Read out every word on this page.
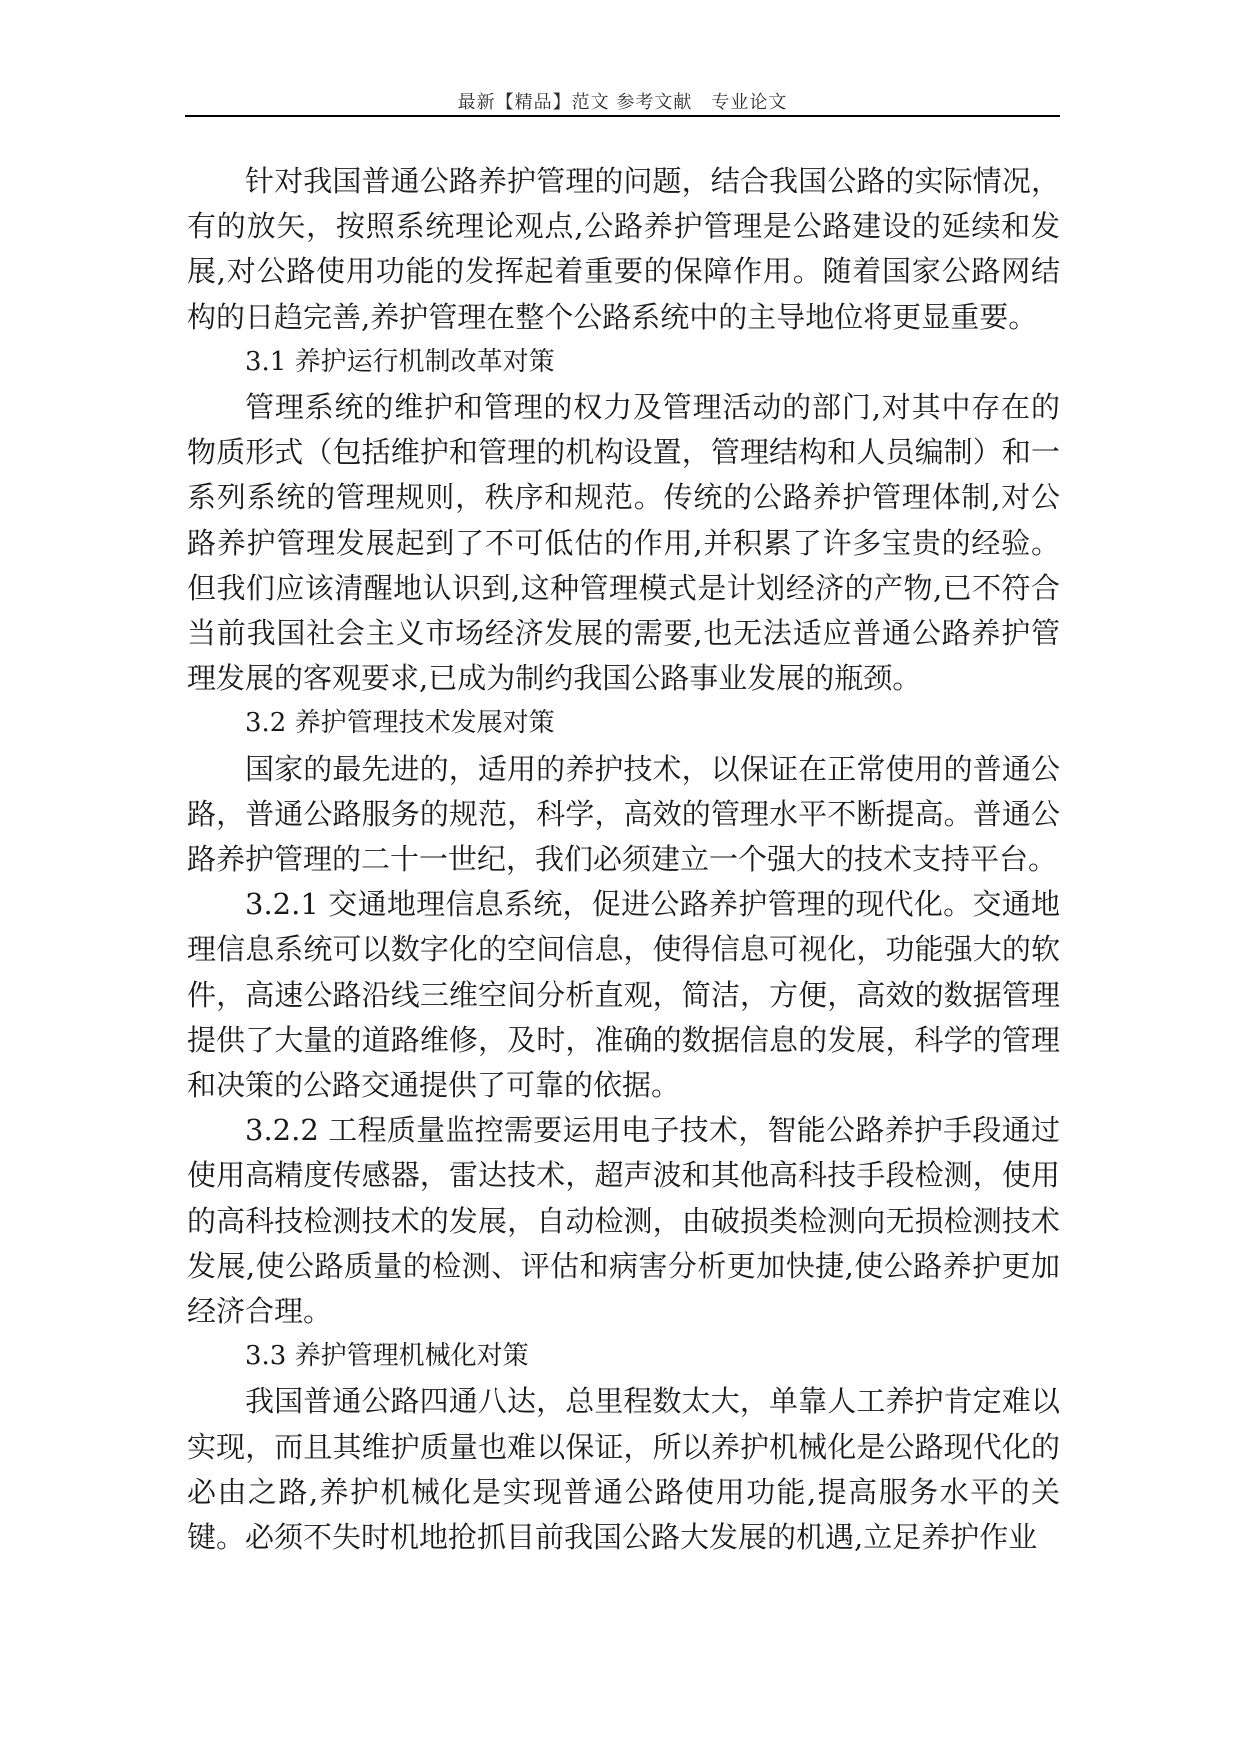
最新【精品】范文 参考文献　专业论文

针对我国普通公路养护管理的问题，结合我国公路的实际情况，有的放矢，按照系统理论观点,公路养护管理是公路建设的延续和发展,对公路使用功能的发挥起着重要的保障作用。随着国家公路网结构的日趋完善,养护管理在整个公路系统中的主导地位将更显重要。

3.1 养护运行机制改革对策

管理系统的维护和管理的权力及管理活动的部门,对其中存在的物质形式（包括维护和管理的机构设置，管理结构和人员编制）和一系列系统的管理规则，秩序和规范。传统的公路养护管理体制,对公路养护管理发展起到了不可低估的作用,并积累了许多宝贵的经验。但我们应该清醒地认识到,这种管理模式是计划经济的产物,已不符合当前我国社会主义市场经济发展的需要,也无法适应普通公路养护管理发展的客观要求,已成为制约我国公路事业发展的瓶颈。

3.2 养护管理技术发展对策

国家的最先进的，适用的养护技术，以保证在正常使用的普通公路，普通公路服务的规范，科学，高效的管理水平不断提高。普通公路养护管理的二十一世纪，我们必须建立一个强大的技术支持平台。

3.2.1 交通地理信息系统，促进公路养护管理的现代化。交通地理信息系统可以数字化的空间信息，使得信息可视化，功能强大的软件，高速公路沿线三维空间分析直观，简洁，方便，高效的数据管理提供了大量的道路维修，及时，准确的数据信息的发展，科学的管理和决策的公路交通提供了可靠的依据。

3.2.2 工程质量监控需要运用电子技术，智能公路养护手段通过使用高精度传感器，雷达技术，超声波和其他高科技手段检测，使用的高科技检测技术的发展，自动检测，由破损类检测向无损检测技术发展,使公路质量的检测、评估和病害分析更加快捷,使公路养护更加经济合理。

3.3 养护管理机械化对策

我国普通公路四通八达，总里程数太大，单靠人工养护肯定难以实现，而且其维护质量也难以保证，所以养护机械化是公路现代化的必由之路,养护机械化是实现普通公路使用功能,提高服务水平的关键。必须不失时机地抢抓目前我国公路大发展的机遇,立足养护作业
